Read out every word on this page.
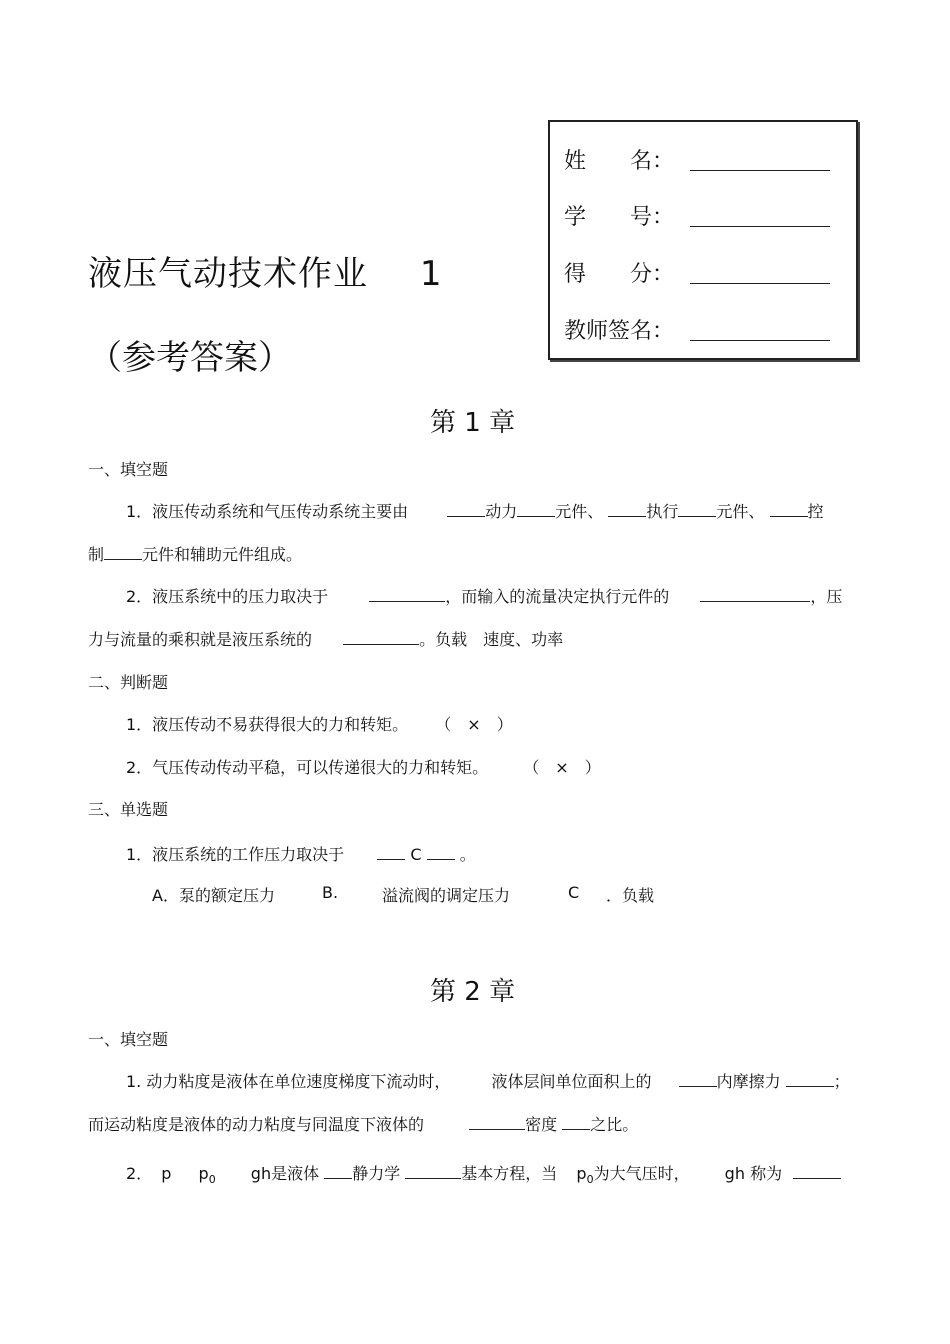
液压气动技术作业 1
（参考答案）
姓　　名：
学　　号：
得　　分：
教师签名：
第 1 章
一、填空题
1．液压传动系统和气压传动系统主要由	动力 元件、	执行 元件、	控
制 元件和辅助元件组成。
2．液压系统中的压力取决于	，而输入的流量决定执行元件的	，压
力与流量的乘积就是液压系统的	。负载　速度、功率
二、判断题
1．液压传动不易获得很大的力和转矩。 （　×　）
2．气压传动传动平稳，可以传递很大的力和转矩。 （　×　）
三、单选题
1．液压系统的工作压力取决于	C 。
A．泵的额定压力	B.	溢流阀的调定压力	C ．负载
第 2 章
一、填空题
1. 动力粘度是液体在单位速度梯度下流动时，	液体层间单位面积上的	内摩擦力	；
而运动粘度是液体的动力粘度与同温度下液体的	密度 之比。
2． p $p_0$ gh是液体 静力学	基本方程，当 $p_0$为大气压时， gh 称为
